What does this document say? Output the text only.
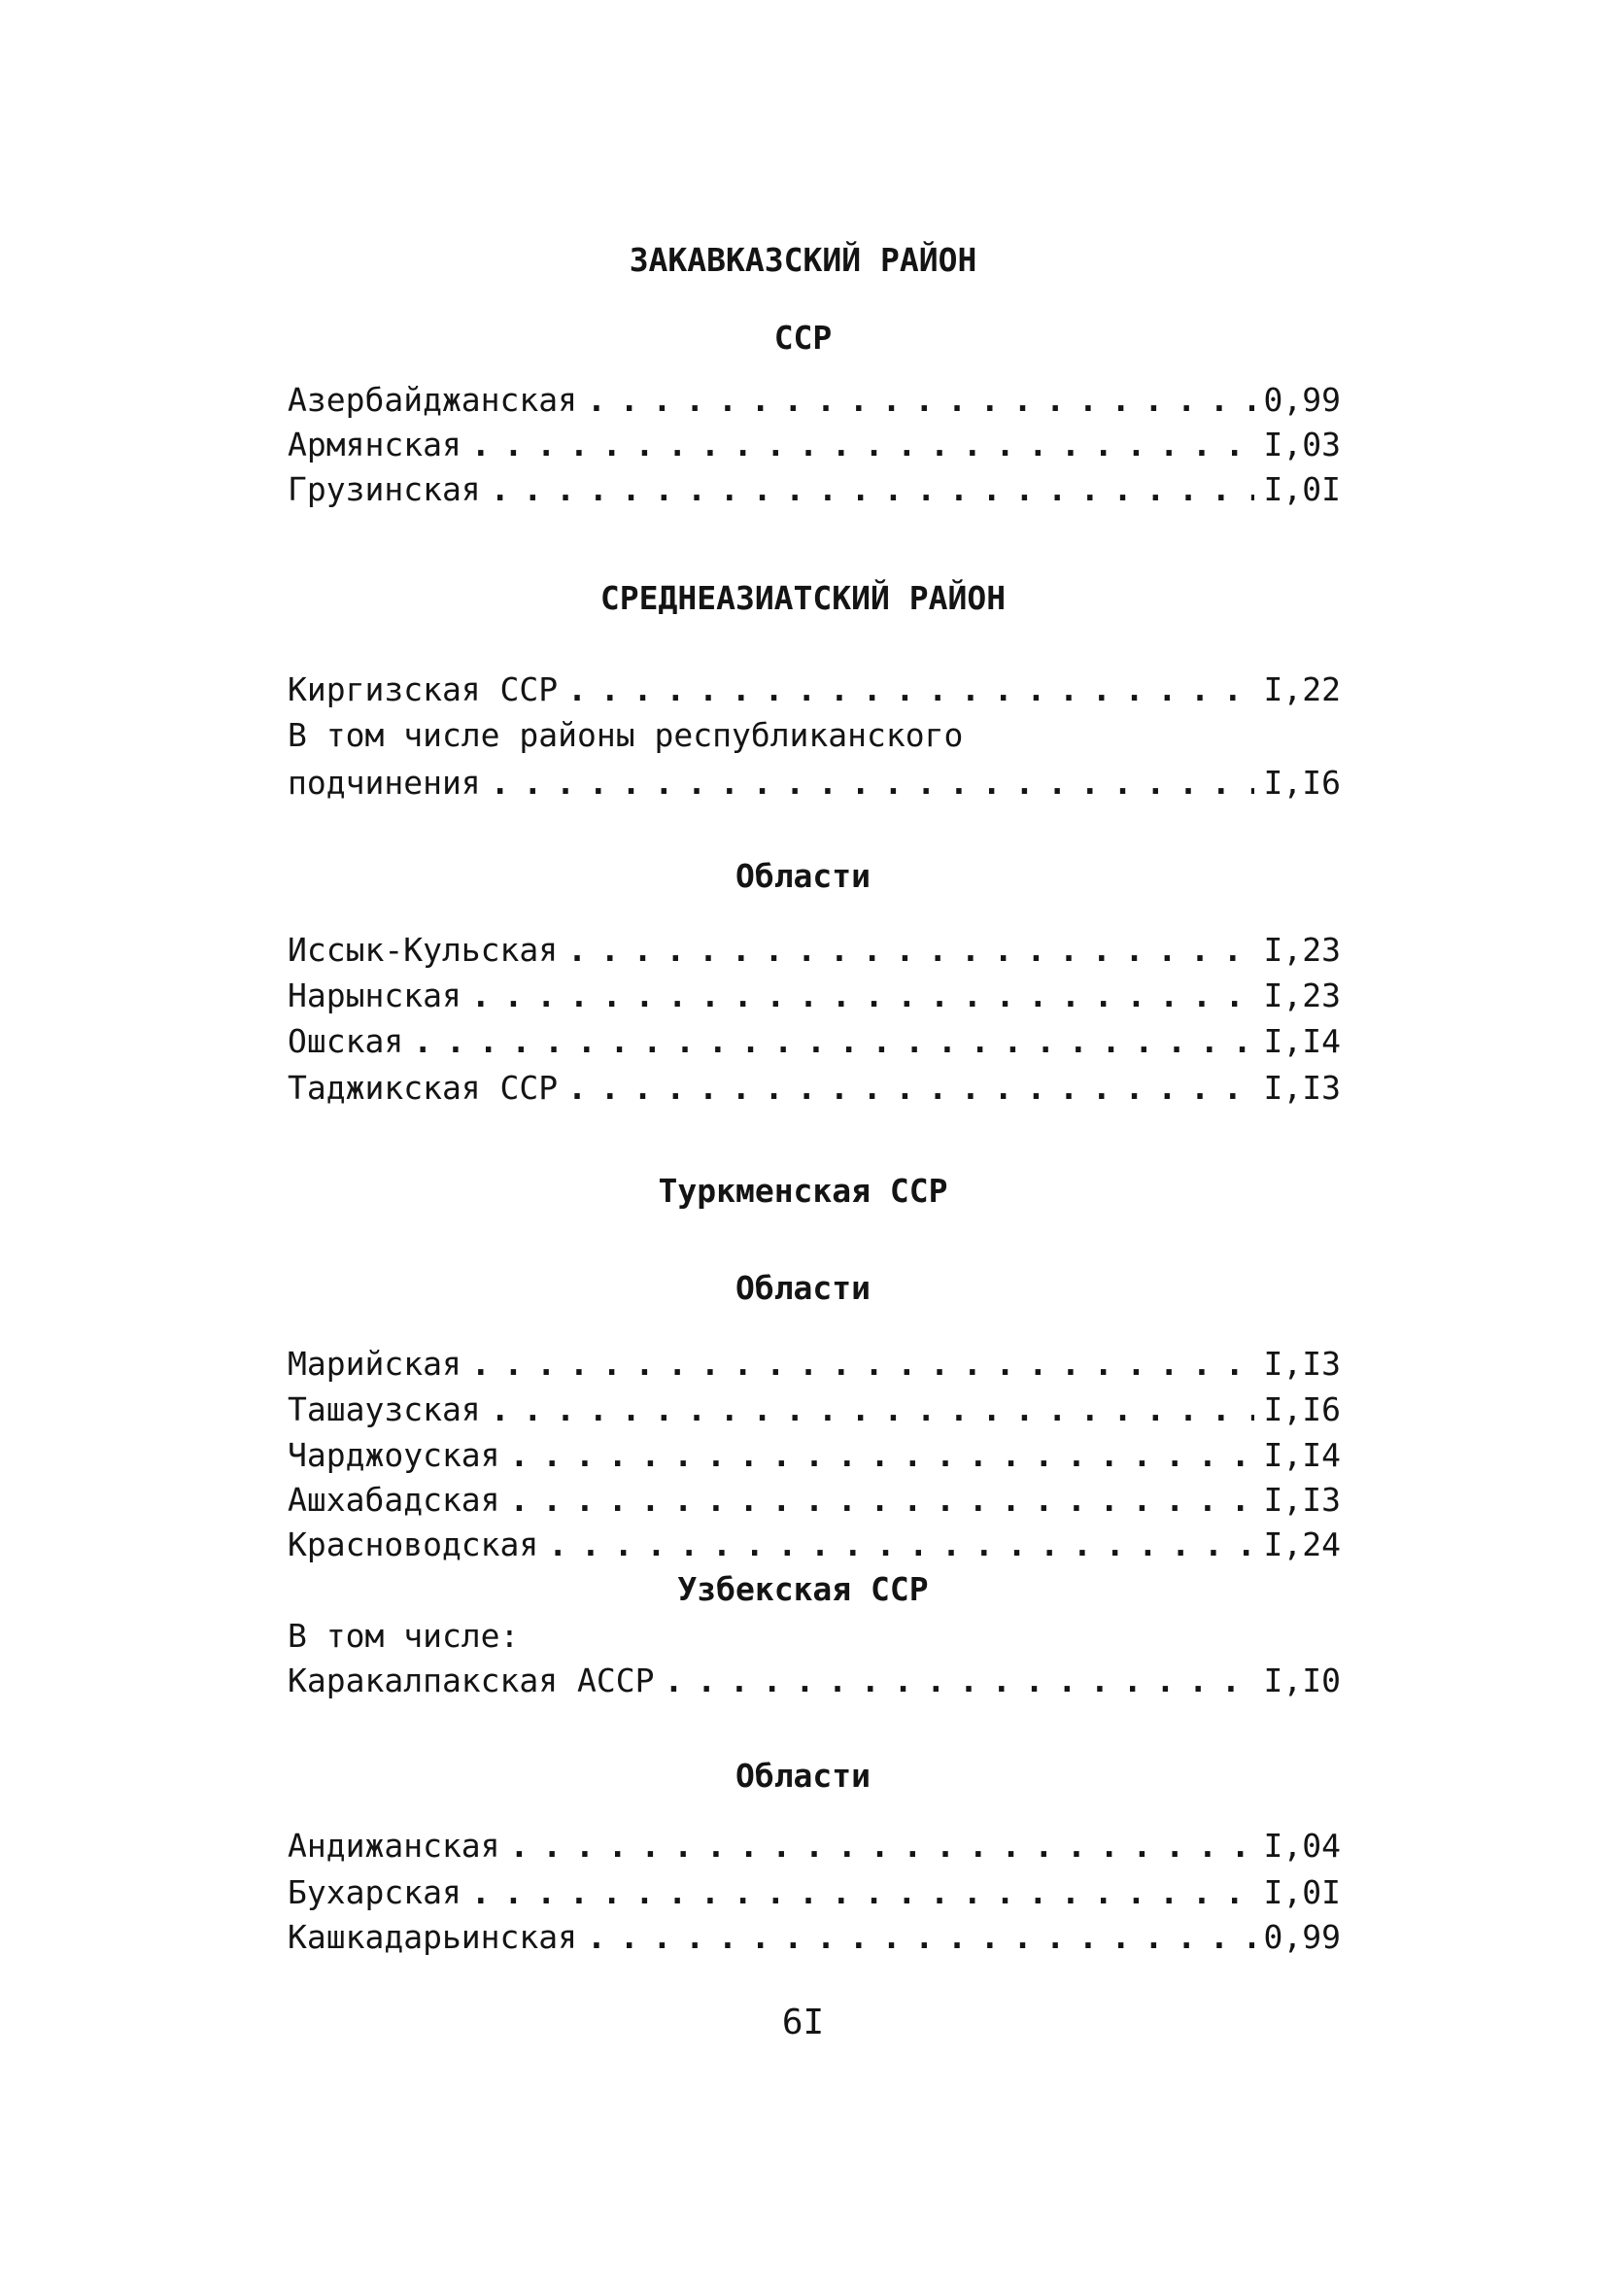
ЗАКАВКАЗСКИЙ РАЙОН
ССР
Азербайджанская . . .	0,99
Армянская . . .	I,03
Грузинская . . .	I,0I
СРЕДНЕАЗИАТСКИЙ РАЙОН
Киргизская ССР . . .	I,22
В том числе районы республиканского
подчинения . . .	I,I6
Области
Иссык-Кульская . . .	I,23
Нарынская . . .	I,23
Ошская . . .	I,I4
Таджикская ССР . . .	I,I3
Туркменская ССР
Области
Марийская . . .	I,I3
Ташаузская . . .	I,I6
Чарджоуская . . .	I,I4
Ашхабадская . . .	I,I3
Красноводская . . .	I,24
Узбекская ССР
В том числе:
Каракалпакская АССР . . .	I,I0
Области
Андижанская . . .	I,04
Бухарская . . .	I,0I
Кашкадарьинская . . .	0,99
6I
